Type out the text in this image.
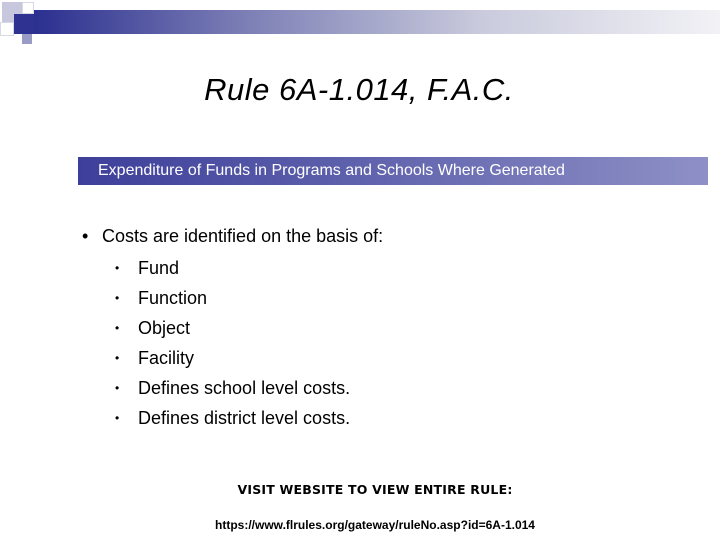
Rule 6A-1.014, F.A.C.
Expenditure of Funds in Programs and Schools Where Generated
• Costs are identified on the basis of:
• Fund
• Function
• Object
• Facility
• Defines school level costs.
• Defines district level costs.
VISIT WEBSITE TO VIEW ENTIRE RULE:
https://www.flrules.org/gateway/ruleNo.asp?id=6A-1.014
